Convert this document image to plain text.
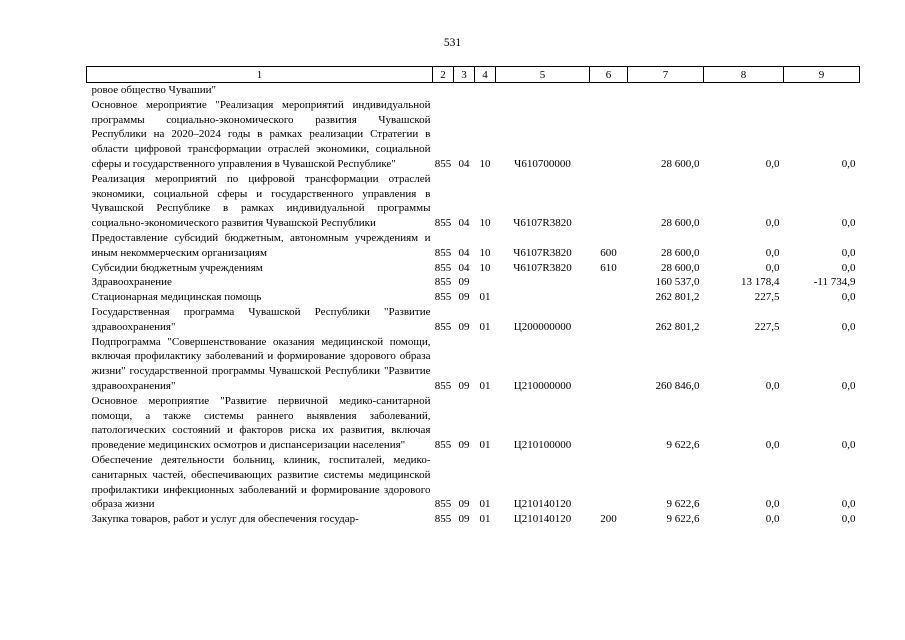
531
1	2	3	4	5	6	7	8	9
ровое общество Чувашии"								
Основное мероприятие "Реализация мероприятий индивидуальной программы социально-экономического развития Чувашской Республики на 2020–2024 годы в рамках реализации Стратегии в области цифровой трансформации отраслей экономики, социальной сферы и государственного управления в Чувашской Республике"	855	04	10	Ч610700000		28 600,0	0,0	0,0
Реализация мероприятий по цифровой трансформации отраслей экономики, социальной сферы и государственного управления в Чувашской Республике в рамках индивидуальной программы социально-экономического развития Чувашской Республики	855	04	10	Ч6107R3820		28 600,0	0,0	0,0
Предоставление субсидий бюджетным, автономным учреждениям и иным некоммерческим организациям	855	04	10	Ч6107R3820	600	28 600,0	0,0	0,0
Субсидии бюджетным учреждениям	855	04	10	Ч6107R3820	610	28 600,0	0,0	0,0
Здравоохранение	855	09				160 537,0	13 178,4	-11 734,9
Стационарная медицинская помощь	855	09	01			262 801,2	227,5	0,0
Государственная программа Чувашской Республики "Развитие здравоохранения"	855	09	01	Ц200000000		262 801,2	227,5	0,0
Подпрограмма "Совершенствование оказания медицинской помощи, включая профилактику заболеваний и формирование здорового образа жизни" государственной программы Чувашской Республики "Развитие здравоохранения"	855	09	01	Ц210000000		260 846,0	0,0	0,0
Основное мероприятие "Развитие первичной медико-санитарной помощи, а также системы раннего выявления заболеваний, патологических состояний и факторов риска их развития, включая проведение медицинских осмотров и диспансеризации населения"	855	09	01	Ц210100000		9 622,6	0,0	0,0
Обеспечение деятельности больниц, клиник, госпиталей, медико-санитарных частей, обеспечивающих развитие системы медицинской профилактики инфекционных заболеваний и формирование здорового образа жизни	855	09	01	Ц210140120		9 622,6	0,0	0,0
Закупка товаров, работ и услуг для обеспечения государ-	855	09	01	Ц210140120	200	9 622,6	0,0	0,0
